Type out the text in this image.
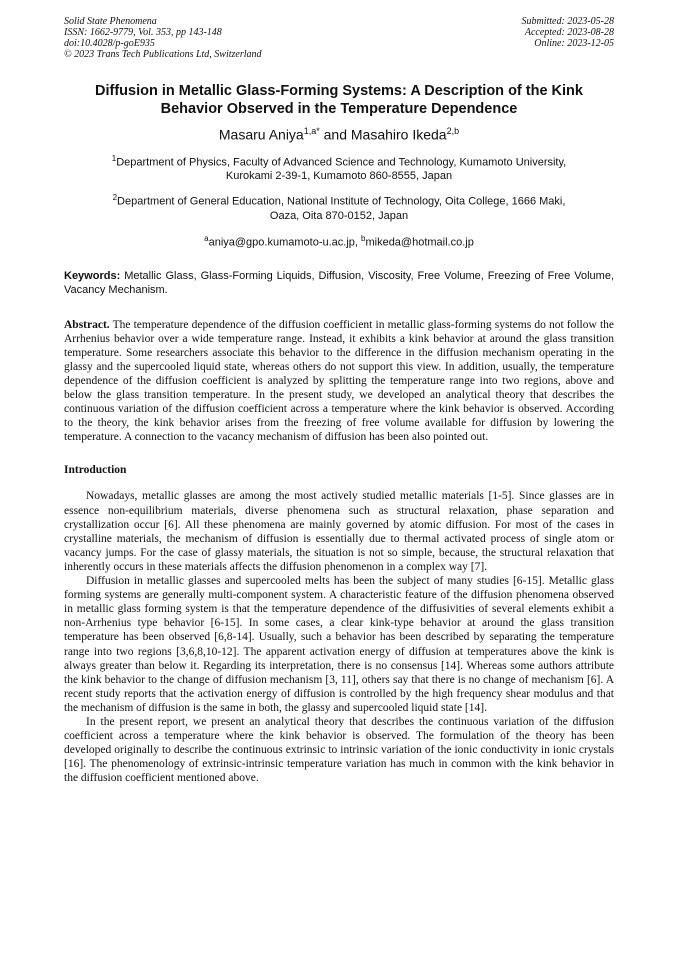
Solid State Phenomena
ISSN: 1662-9779, Vol. 353, pp 143-148
doi:10.4028/p-goE935
© 2023 Trans Tech Publications Ltd, Switzerland
Submitted: 2023-05-28
Accepted: 2023-08-28
Online: 2023-12-05
Diffusion in Metallic Glass-Forming Systems: A Description of the Kink
Behavior Observed in the Temperature Dependence
Masaru Aniya$^{1,a*}$ and Masahiro Ikeda$^{2,b}$
$^1$Department of Physics, Faculty of Advanced Science and Technology, Kumamoto University,
Kurokami 2-39-1, Kumamoto 860-8555, Japan
$^2$Department of General Education, National Institute of Technology, Oita College, 1666 Maki,
Oaza, Oita 870-0152, Japan
$^a$aniya@gpo.kumamoto-u.ac.jp, $^b$mikeda@hotmail.co.jp
Keywords: Metallic Glass, Glass-Forming Liquids, Diffusion, Viscosity, Free Volume, Freezing of Free Volume, Vacancy Mechanism.
Abstract. The temperature dependence of the diffusion coefficient in metallic glass-forming systems do not follow the Arrhenius behavior over a wide temperature range. Instead, it exhibits a kink behavior at around the glass transition temperature. Some researchers associate this behavior to the difference in the diffusion mechanism operating in the glassy and the supercooled liquid state, whereas others do not support this view. In addition, usually, the temperature dependence of the diffusion coefficient is analyzed by splitting the temperature range into two regions, above and below the glass transition temperature. In the present study, we developed an analytical theory that describes the continuous variation of the diffusion coefficient across a temperature where the kink behavior is observed. According to the theory, the kink behavior arises from the freezing of free volume available for diffusion by lowering the temperature. A connection to the vacancy mechanism of diffusion has been also pointed out.
Introduction

Nowadays, metallic glasses are among the most actively studied metallic materials [1-5]. Since glasses are in essence non-equilibrium materials, diverse phenomena such as structural relaxation, phase separation and crystallization occur [6]. All these phenomena are mainly governed by atomic diffusion. For most of the cases in crystalline materials, the mechanism of diffusion is essentially due to thermal activated process of single atom or vacancy jumps. For the case of glassy materials, the situation is not so simple, because, the structural relaxation that inherently occurs in these materials affects the diffusion phenomenon in a complex way [7].

Diffusion in metallic glasses and supercooled melts has been the subject of many studies [6-15]. Metallic glass forming systems are generally multi-component system. A characteristic feature of the diffusion phenomena observed in metallic glass forming system is that the temperature dependence of the diffusivities of several elements exhibit a non-Arrhenius type behavior [6-15]. In some cases, a clear kink-type behavior at around the glass transition temperature has been observed [6,8-14]. Usually, such a behavior has been described by separating the temperature range into two regions [3,6,8,10-12]. The apparent activation energy of diffusion at temperatures above the kink is always greater than below it. Regarding its interpretation, there is no consensus [14]. Whereas some authors attribute the kink behavior to the change of diffusion mechanism [3, 11], others say that there is no change of mechanism [6]. A recent study reports that the activation energy of diffusion is controlled by the high frequency shear modulus and that the mechanism of diffusion is the same in both, the glassy and supercooled liquid state [14].

In the present report, we present an analytical theory that describes the continuous variation of the diffusion coefficient across a temperature where the kink behavior is observed. The formulation of the theory has been developed originally to describe the continuous extrinsic to intrinsic variation of the ionic conductivity in ionic crystals [16]. The phenomenology of extrinsic-intrinsic temperature variation has much in common with the kink behavior in the diffusion coefficient mentioned above.
